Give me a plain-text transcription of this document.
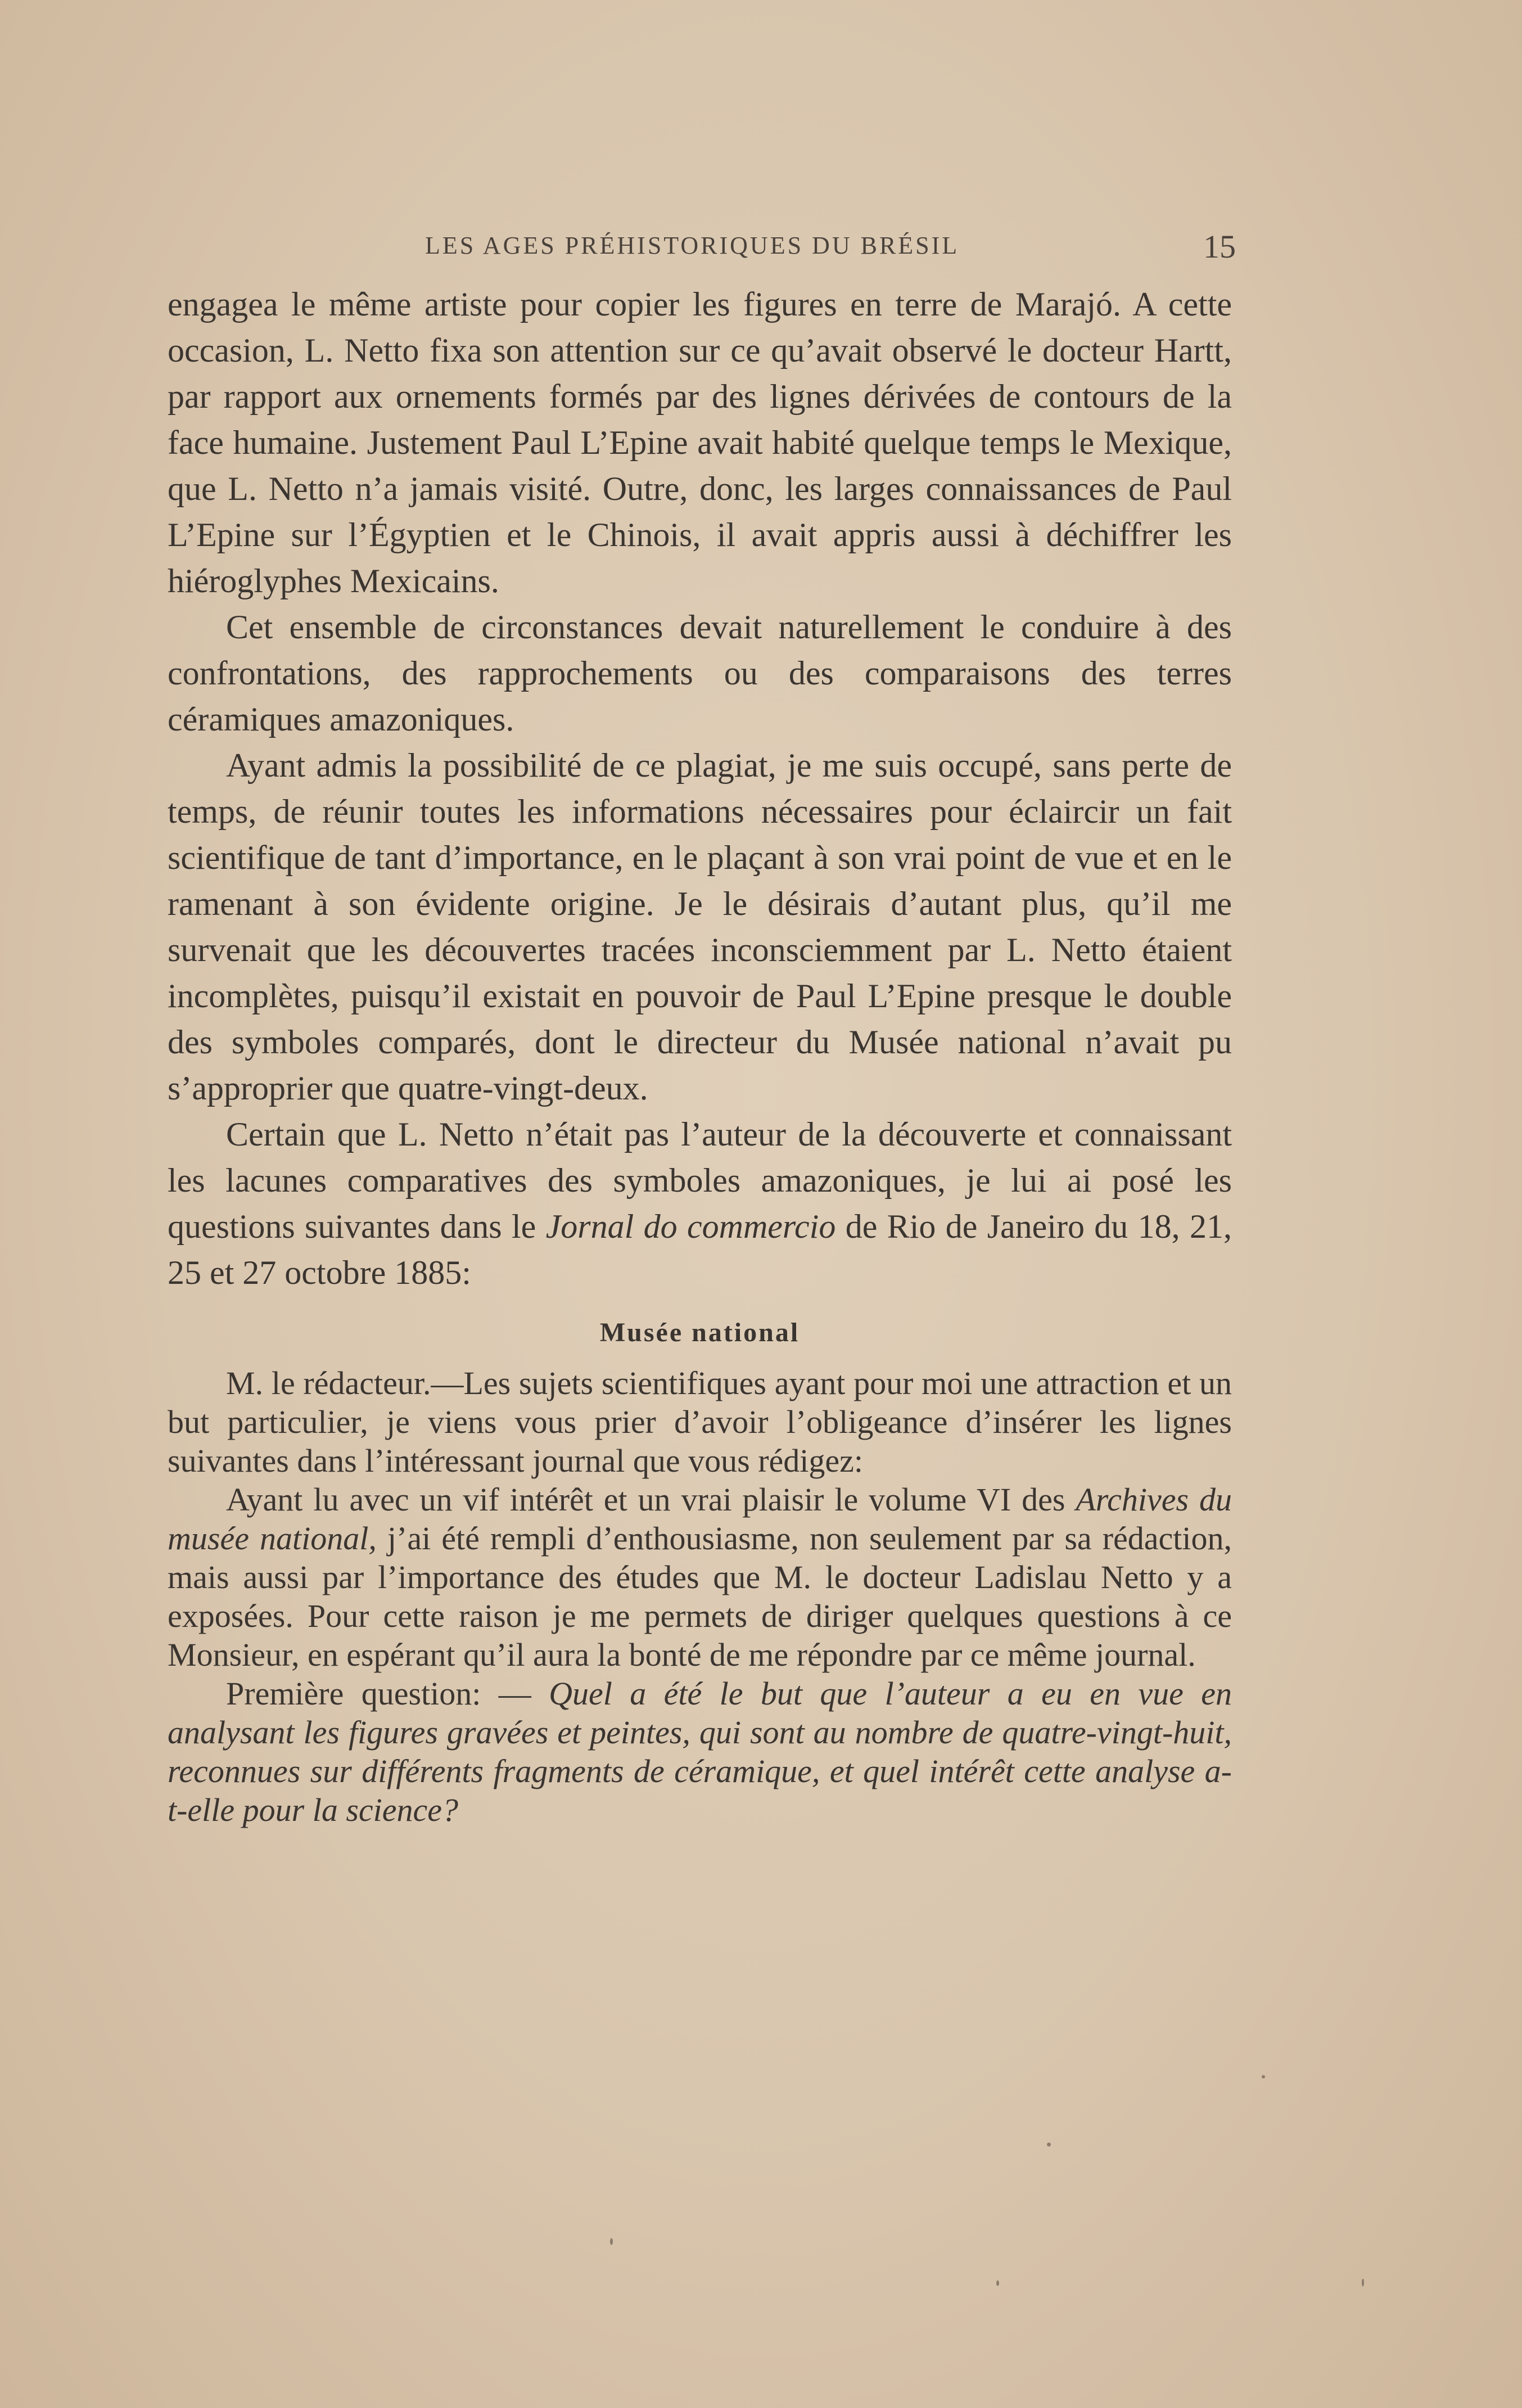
LES AGES PRÉHISTORIQUES DU BRÉSIL	15

engagea le même artiste pour copier les figures en terre de Marajó. A cette occasion, L. Netto fixa son attention sur ce qu’avait observé le docteur Hartt, par rapport aux ornements formés par des lignes dérivées de contours de la face humaine. Justement Paul L’Epine avait habité quelque temps le Mexique, que L. Netto n’a jamais visité. Outre, donc, les larges connaissances de Paul L’Epine sur l’Égyptien et le Chinois, il avait appris aussi à déchiffrer les hiéroglyphes Mexicains.

Cet ensemble de circonstances devait naturellement le conduire à des confrontations, des rapprochements ou des comparaisons des terres céramiques amazoniques.

Ayant admis la possibilité de ce plagiat, je me suis occupé, sans perte de temps, de réunir toutes les informations nécessaires pour éclaircir un fait scientifique de tant d’importance, en le plaçant à son vrai point de vue et en le ramenant à son évidente origine. Je le désirais d’autant plus, qu’il me survenait que les découvertes tracées inconsciemment par L. Netto étaient incomplètes, puisqu’il existait en pouvoir de Paul L’Epine presque le double des symboles comparés, dont le directeur du Musée national n’avait pu s’approprier que quatre-vingt-deux.

Certain que L. Netto n’était pas l’auteur de la découverte et connaissant les lacunes comparatives des symboles amazoniques, je lui ai posé les questions suivantes dans le Jornal do commercio de Rio de Janeiro du 18, 21, 25 et 27 octobre 1885:

Musée national

M. le rédacteur.—Les sujets scientifiques ayant pour moi une attraction et un but particulier, je viens vous prier d’avoir l’obligeance d’insérer les lignes suivantes dans l’intéressant journal que vous rédigez:

Ayant lu avec un vif intérêt et un vrai plaisir le volume VI des Archives du musée national, j’ai été rempli d’enthousiasme, non seulement par sa rédaction, mais aussi par l’importance des études que M. le docteur Ladislau Netto y a exposées. Pour cette raison je me permets de diriger quelques questions à ce Monsieur, en espérant qu’il aura la bonté de me répondre par ce même journal.

Première question: — Quel a été le but que l’auteur a eu en vue en analysant les figures gravées et peintes, qui sont au nombre de quatre-vingt-huit, reconnues sur différents fragments de céramique, et quel intérêt cette analyse a-t-elle pour la science?
